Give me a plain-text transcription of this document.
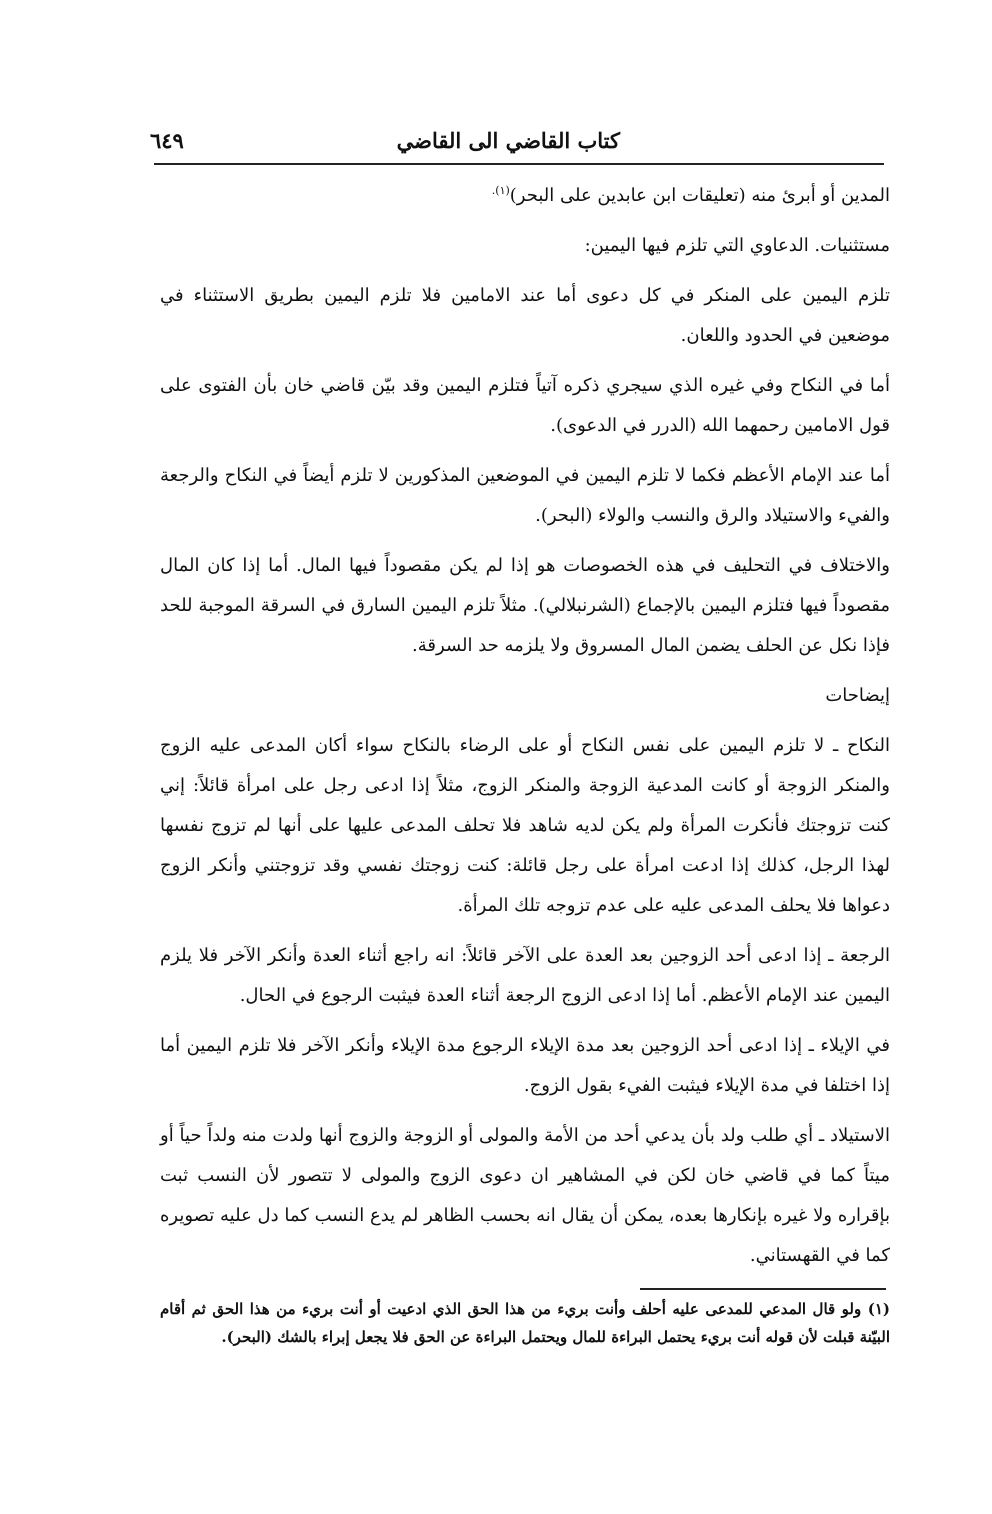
كتاب القاضي الى القاضي
٦٤٩

المدين أو أبرئ منه (تعليقات ابن عابدين على البحر)$^{(١).}$

مستثنيات. الدعاوي التي تلزم فيها اليمين:

تلزم اليمين على المنكر في كل دعوى أما عند الامامين فلا تلزم اليمين بطريق الاستثناء في موضعين في الحدود واللعان.

أما في النكاح وفي غيره الذي سيجري ذكره آتياً فتلزم اليمين وقد بيّن قاضي خان بأن الفتوى على قول الامامين رحمهما الله (الدرر في الدعوى).

أما عند الإمام الأعظم فكما لا تلزم اليمين في الموضعين المذكورين لا تلزم أيضاً في النكاح والرجعة والفيء والاستيلاد والرق والنسب والولاء (البحر).

والاختلاف في التحليف في هذه الخصوصات هو إذا لم يكن مقصوداً فيها المال. أما إذا كان المال مقصوداً فيها فتلزم اليمين بالإجماع (الشرنبلالي). مثلاً تلزم اليمين السارق في السرقة الموجبة للحد فإذا نكل عن الحلف يضمن المال المسروق ولا يلزمه حد السرقة.

إيضاحات

النكاح ـ لا تلزم اليمين على نفس النكاح أو على الرضاء بالنكاح سواء أكان المدعى عليه الزوج والمنكر الزوجة أو كانت المدعية الزوجة والمنكر الزوج، مثلاً إذا ادعى رجل على امرأة قائلاً: إني كنت تزوجتك فأنكرت المرأة ولم يكن لديه شاهد فلا تحلف المدعى عليها على أنها لم تزوج نفسها لهذا الرجل، كذلك إذا ادعت امرأة على رجل قائلة: كنت زوجتك نفسي وقد تزوجتني وأنكر الزوج دعواها فلا يحلف المدعى عليه على عدم تزوجه تلك المرأة.

الرجعة ـ إذا ادعى أحد الزوجين بعد العدة على الآخر قائلاً: انه راجع أثناء العدة وأنكر الآخر فلا يلزم اليمين عند الإمام الأعظم. أما إذا ادعى الزوج الرجعة أثناء العدة فيثبت الرجوع في الحال.

في الإيلاء ـ إذا ادعى أحد الزوجين بعد مدة الإيلاء الرجوع مدة الإيلاء وأنكر الآخر فلا تلزم اليمين أما إذا اختلفا في مدة الإيلاء فيثبت الفيء بقول الزوج.

الاستيلاد ـ أي طلب ولد بأن يدعي أحد من الأمة والمولى أو الزوجة والزوج أنها ولدت منه ولداً حياً أو ميتاً كما في قاضي خان لكن في المشاهير ان دعوى الزوج والمولى لا تتصور لأن النسب ثبت بإقراره ولا غيره بإنكارها بعده، يمكن أن يقال انه بحسب الظاهر لم يدع النسب كما دل عليه تصويره كما في القهستاني.

(١) ولو قال المدعي للمدعى عليه أحلف وأنت بريء من هذا الحق الذي ادعيت أو أنت بريء من هذا الحق ثم أقام البيّنة قبلت لأن قوله أنت بريء يحتمل البراءة للمال ويحتمل البراءة عن الحق فلا يجعل إبراء بالشك (البحر).
